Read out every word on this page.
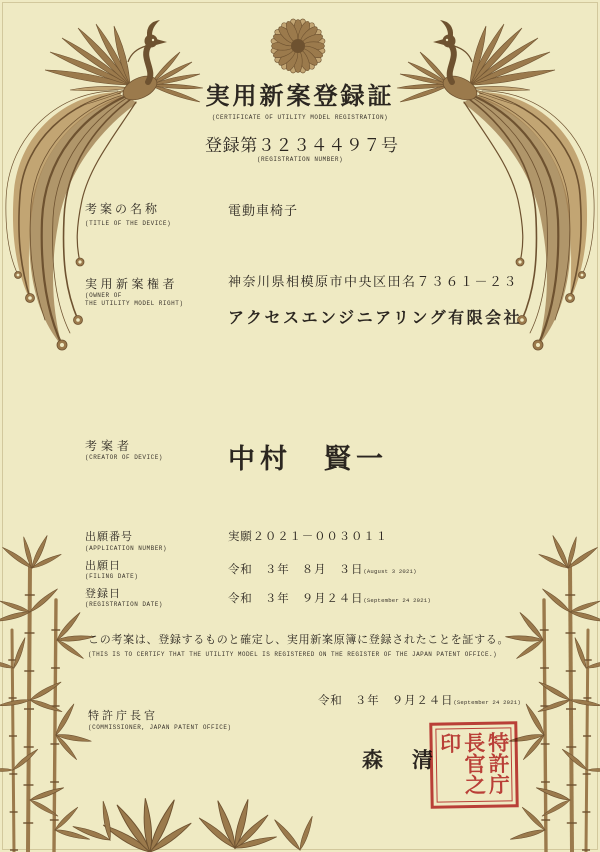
実用新案登録証
(CERTIFICATE OF UTILITY MODEL REGISTRATION)
登録第３２３４４９７号
(REGISTRATION NUMBER)
考案の名称
(TITLE OF THE DEVICE)
電動車椅子
実用新案権者
(OWNER OF
THE UTILITY MODEL RIGHT)
神奈川県相模原市中央区田名７３６１－２３
アクセスエンジニアリング有限会社
考案者
(CREATOR OF DEVICE) 中村　賢一
出願番号
(APPLICATION NUMBER)
実願２０２１－００３０１１
出願日
(FILING DATE)
令和　３年　８月　３日(August 3 2021)
登録日
(REGISTRATION DATE)	令和　３年　９月２４日(September 24 2021)
この考案は、登録するものと確定し、実用新案原簿に登録されたことを証する。
(THIS IS TO CERTIFY THAT THE UTILITY MODEL IS REGISTERED ON THE REGISTER OF THE JAPAN PATENT OFFICE.)
令和　３年　９月２４日(September 24 2021)
特許庁長官
(COMMISSIONER, JAPAN PATENT OFFICE)
森　清	特許庁長官之印
